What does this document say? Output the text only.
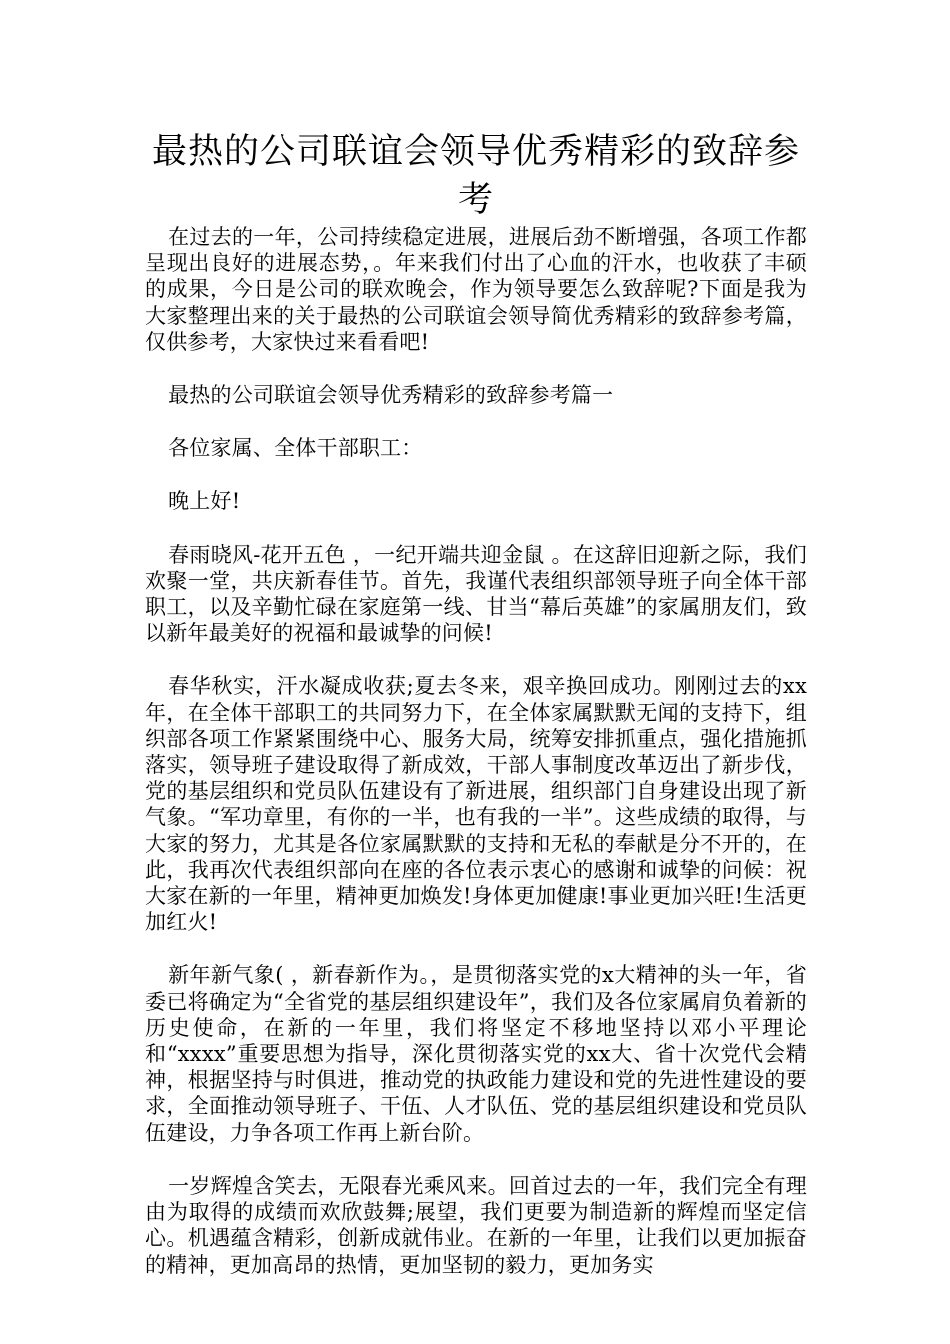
最热的公司联谊会领导优秀精彩的致辞参考

在过去的一年，公司持续稳定进展，进展后劲不断增强，各项工作都呈现出良好的进展态势，。年来我们付出了心血的汗水，也收获了丰硕的成果，今日是公司的联欢晚会，作为领导要怎么致辞呢?下面是我为大家整理出来的关于最热的公司联谊会领导简优秀精彩的致辞参考篇，仅供参考，大家快过来看看吧!

最热的公司联谊会领导优秀精彩的致辞参考篇一

各位家属、全体干部职工：

晚上好!

春雨晓风-花开五色 ，一纪开端共迎金鼠 。在这辞旧迎新之际，我们欢聚一堂，共庆新春佳节。首先，我谨代表组织部领导班子向全体干部职工，以及辛勤忙碌在家庭第一线、甘当“幕后英雄”的家属朋友们，致以新年最美好的祝福和最诚挚的问候!

春华秋实，汗水凝成收获;夏去冬来，艰辛换回成功。刚刚过去的xx年，在全体干部职工的共同努力下，在全体家属默默无闻的支持下，组织部各项工作紧紧围绕中心、服务大局，统筹安排抓重点，强化措施抓落实，领导班子建设取得了新成效，干部人事制度改革迈出了新步伐，党的基层组织和党员队伍建设有了新进展，组织部门自身建设出现了新气象。“军功章里，有你的一半，也有我的一半”。这些成绩的取得，与大家的努力，尤其是各位家属默默的支持和无私的奉献是分不开的，在此，我再次代表组织部向在座的各位表示衷心的感谢和诚挚的问候：祝大家在新的一年里，精神更加焕发!身体更加健康!事业更加兴旺!生活更加红火!

新年新气象( ，新春新作为。，是贯彻落实党的x大精神的头一年，省委已将确定为“全省党的基层组织建设年”，我们及各位家属肩负着新的历史使命，在新的一年里，我们将坚定不移地坚持以邓小平理论和“xxxx”重要思想为指导，深化贯彻落实党的xx大、省十次党代会精神，根据坚持与时俱进，推动党的执政能力建设和党的先进性建设的要求，全面推动领导班子、干伍、人才队伍、党的基层组织建设和党员队伍建设，力争各项工作再上新台阶。

一岁辉煌含笑去，无限春光乘风来。回首过去的一年，我们完全有理由为取得的成绩而欢欣鼓舞;展望，我们更要为制造新的辉煌而坚定信心。机遇蕴含精彩，创新成就伟业。在新的一年里，让我们以更加振奋的精神，更加高昂的热情，更加坚韧的毅力，更加务实
